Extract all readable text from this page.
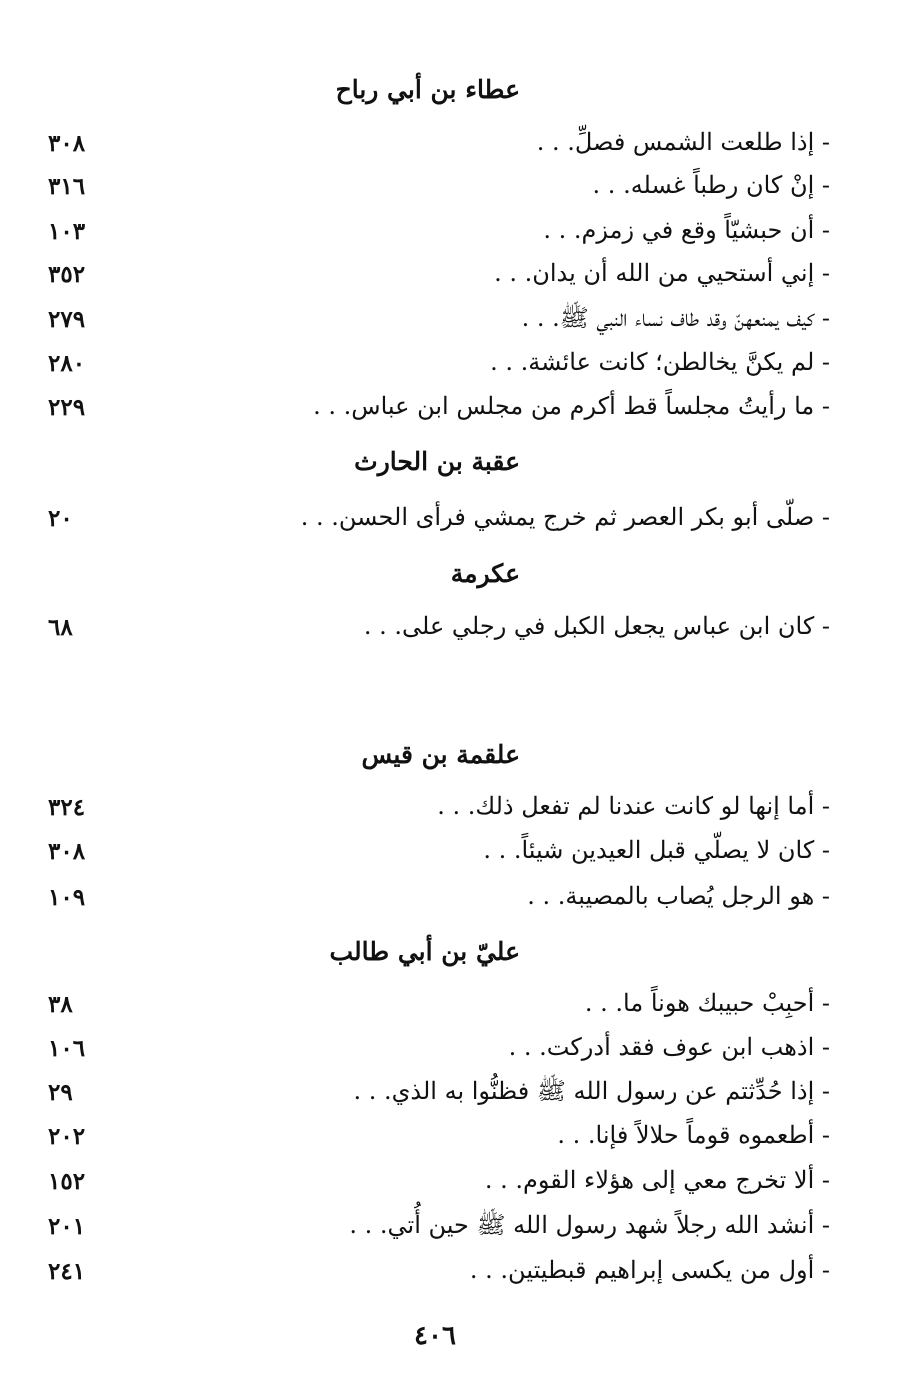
عطاء بن أبي رباح
- إذا طلعت الشمس فصلِّ. . .
٣٠٨
- إنْ كان رطباً غسله. . .
٣١٦
- أن حبشيّاً وقع في زمزم. . .
١٠٣
- إني أستحيي من الله أن يدان. . .
٣٥٢
- كيف يمنعهنّ وقد طاف نساء النبي ﷺ. . .
٢٧٩
- لم يكنَّ يخالطن؛ كانت عائشة. . .
٢٨٠
- ما رأيتُ مجلساً قط أكرم من مجلس ابن عباس. . .
٢٢٩
عقبة بن الحارث
- صلّى أبو بكر العصر ثم خرج يمشي فرأى الحسن. . .
٢٠
عكرمة
- كان ابن عباس يجعل الكبل في رجلي على. . .
٦٨
علقمة بن قيس
- أما إنها لو كانت عندنا لم تفعل ذلك. . .
٣٢٤
- كان لا يصلّي قبل العيدين شيئاً. . .
٣٠٨
- هو الرجل يُصاب بالمصيبة. . .
١٠٩
عليّ بن أبي طالب
- أحبِبْ حبيبك هوناً ما. . .
٣٨
- اذهب ابن عوف فقد أدركت. . .
١٠٦
- إذا حُدِّثتم عن رسول الله ﷺ فظنُّوا به الذي. . .
٢٩
- أطعموه قوماً حلالاً فإنا. . .
٢٠٢
- ألا تخرج معي إلى هؤلاء القوم. . .
١٥٢
- أنشد الله رجلاً شهد رسول الله ﷺ حين أُتي. . .
٢٠١
- أول من يكسى إبراهيم قبطيتين. . .
٢٤١
٤٠٦
